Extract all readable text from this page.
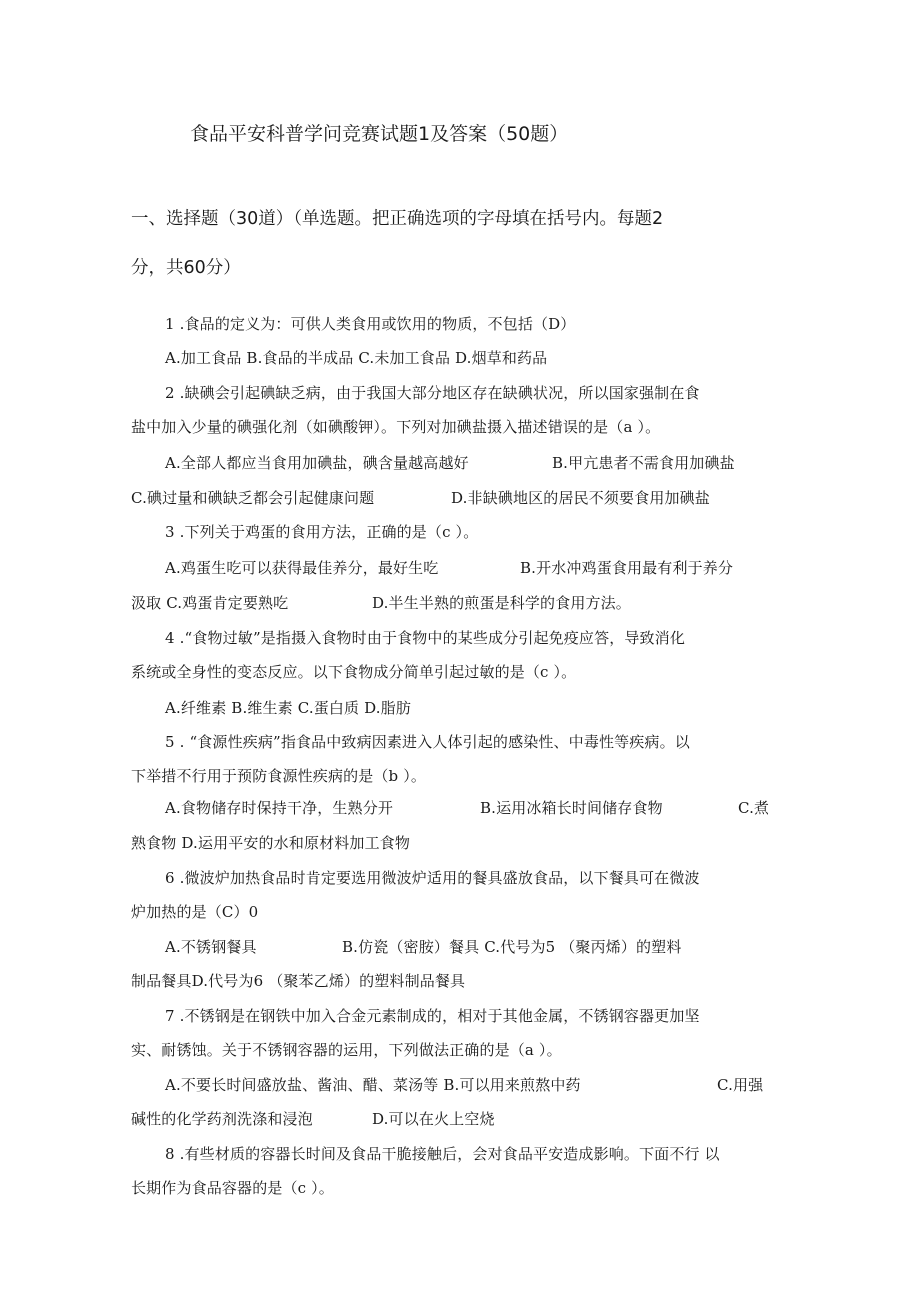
食品平安科普学问竞赛试题1及答案（50题）
一、选择题（30道）（单选题。把正确选项的字母填在括号内。每题2
分，共60分）
1 .食品的定义为：可供人类食用或饮用的物质，不包括（D）
A.加工食品 B.食品的半成品 C.未加工食品 D.烟草和药品
2 .缺碘会引起碘缺乏病，由于我国大部分地区存在缺碘状况，所以国家强制在食
盐中加入少量的碘强化剂（如碘酸钾）。下列对加碘盐摄入描述错误的是（a ）。
A.全部人都应当食用加碘盐，碘含量越高越好	B.甲亢患者不需食用加碘盐
C.碘过量和碘缺乏都会引起健康问题	D.非缺碘地区的居民不须要食用加碘盐
3 .下列关于鸡蛋的食用方法，正确的是（c ）。
A.鸡蛋生吃可以获得最佳养分，最好生吃	B.开水冲鸡蛋食用最有利于养分
汲取 C.鸡蛋肯定要熟吃	D.半生半熟的煎蛋是科学的食用方法。
4 .“食物过敏”是指摄入食物时由于食物中的某些成分引起免疫应答，导致消化
系统或全身性的变态反应。以下食物成分简单引起过敏的是（c ）。
A.纤维素 B.维生素 C.蛋白质 D.脂肪
5 . “食源性疾病”指食品中致病因素进入人体引起的感染性、中毒性等疾病。以
下举措不行用于预防食源性疾病的是（b ）。
A.食物储存时保持干净，生熟分开	B.运用冰箱长时间储存食物	C.煮
熟食物 D.运用平安的水和原材料加工食物
6 .微波炉加热食品时肯定要选用微波炉适用的餐具盛放食品，以下餐具可在微波
炉加热的是（C）0
A.不锈钢餐具	B.仿瓷（密胺）餐具 C.代号为5 （聚丙烯）的塑料
制品餐具D.代号为6 （聚苯乙烯）的塑料制品餐具
7 .不锈钢是在钢铁中加入合金元素制成的，相对于其他金属，不锈钢容器更加坚
实、耐锈蚀。关于不锈钢容器的运用，下列做法正确的是（a ）。
A.不要长时间盛放盐、酱油、醋、菜汤等 B.可以用来煎熬中药	C.用强
碱性的化学药剂洗涤和浸泡	D.可以在火上空烧
8 .有些材质的容器长时间及食品干脆接触后，会对食品平安造成影响。下面不行 以
长期作为食品容器的是（c ）。
